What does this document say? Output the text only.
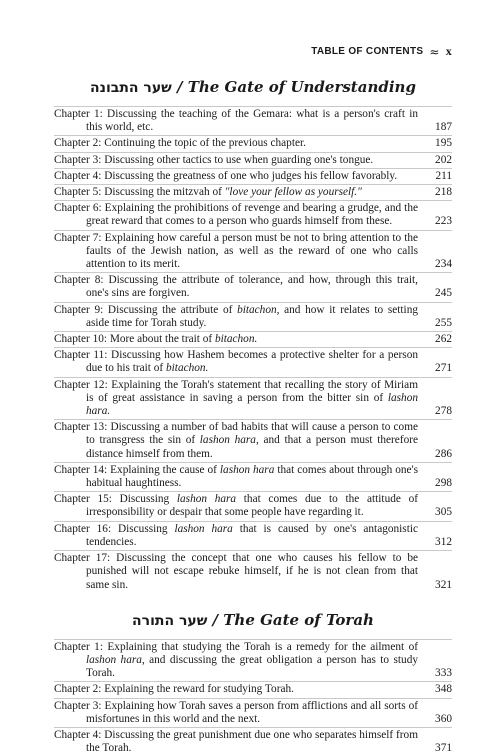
TABLE OF CONTENTS ≈ x
שער התבונה / The Gate of Understanding
Chapter 1: Discussing the teaching of the Gemara: what is a person's craft in this world, etc.	187
Chapter 2: Continuing the topic of the previous chapter.	195
Chapter 3: Discussing other tactics to use when guarding one's tongue.	202
Chapter 4: Discussing the greatness of one who judges his fellow favorably.	211
Chapter 5: Discussing the mitzvah of "love your fellow as yourself."	218
Chapter 6: Explaining the prohibitions of revenge and bearing a grudge, and the great reward that comes to a person who guards himself from these.	223
Chapter 7: Explaining how careful a person must be not to bring attention to the faults of the Jewish nation, as well as the reward of one who calls attention to its merit.	234
Chapter 8: Discussing the attribute of tolerance, and how, through this trait, one's sins are forgiven.	245
Chapter 9: Discussing the attribute of bitachon, and how it relates to setting aside time for Torah study.	255
Chapter 10: More about the trait of bitachon.	262
Chapter 11: Discussing how Hashem becomes a protective shelter for a person due to his trait of bitachon.	271
Chapter 12: Explaining the Torah's statement that recalling the story of Miriam is of great assistance in saving a person from the bitter sin of lashon hara.	278
Chapter 13: Discussing a number of bad habits that will cause a person to come to transgress the sin of lashon hara, and that a person must therefore distance himself from them.	286
Chapter 14: Explaining the cause of lashon hara that comes about through one's habitual haughtiness.	298
Chapter 15: Discussing lashon hara that comes due to the attitude of irresponsibility or despair that some people have regarding it.	305
Chapter 16: Discussing lashon hara that is caused by one's antagonistic tendencies.	312
Chapter 17: Discussing the concept that one who causes his fellow to be punished will not escape rebuke himself, if he is not clean from that same sin.	321
שער התורה / The Gate of Torah
Chapter 1: Explaining that studying the Torah is a remedy for the ailment of lashon hara, and discussing the great obligation a person has to study Torah.	333
Chapter 2: Explaining the reward for studying Torah.	348
Chapter 3: Explaining how Torah saves a person from afflictions and all sorts of misfortunes in this world and the next.	360
Chapter 4: Discussing the great punishment due one who separates himself from the Torah.	371
